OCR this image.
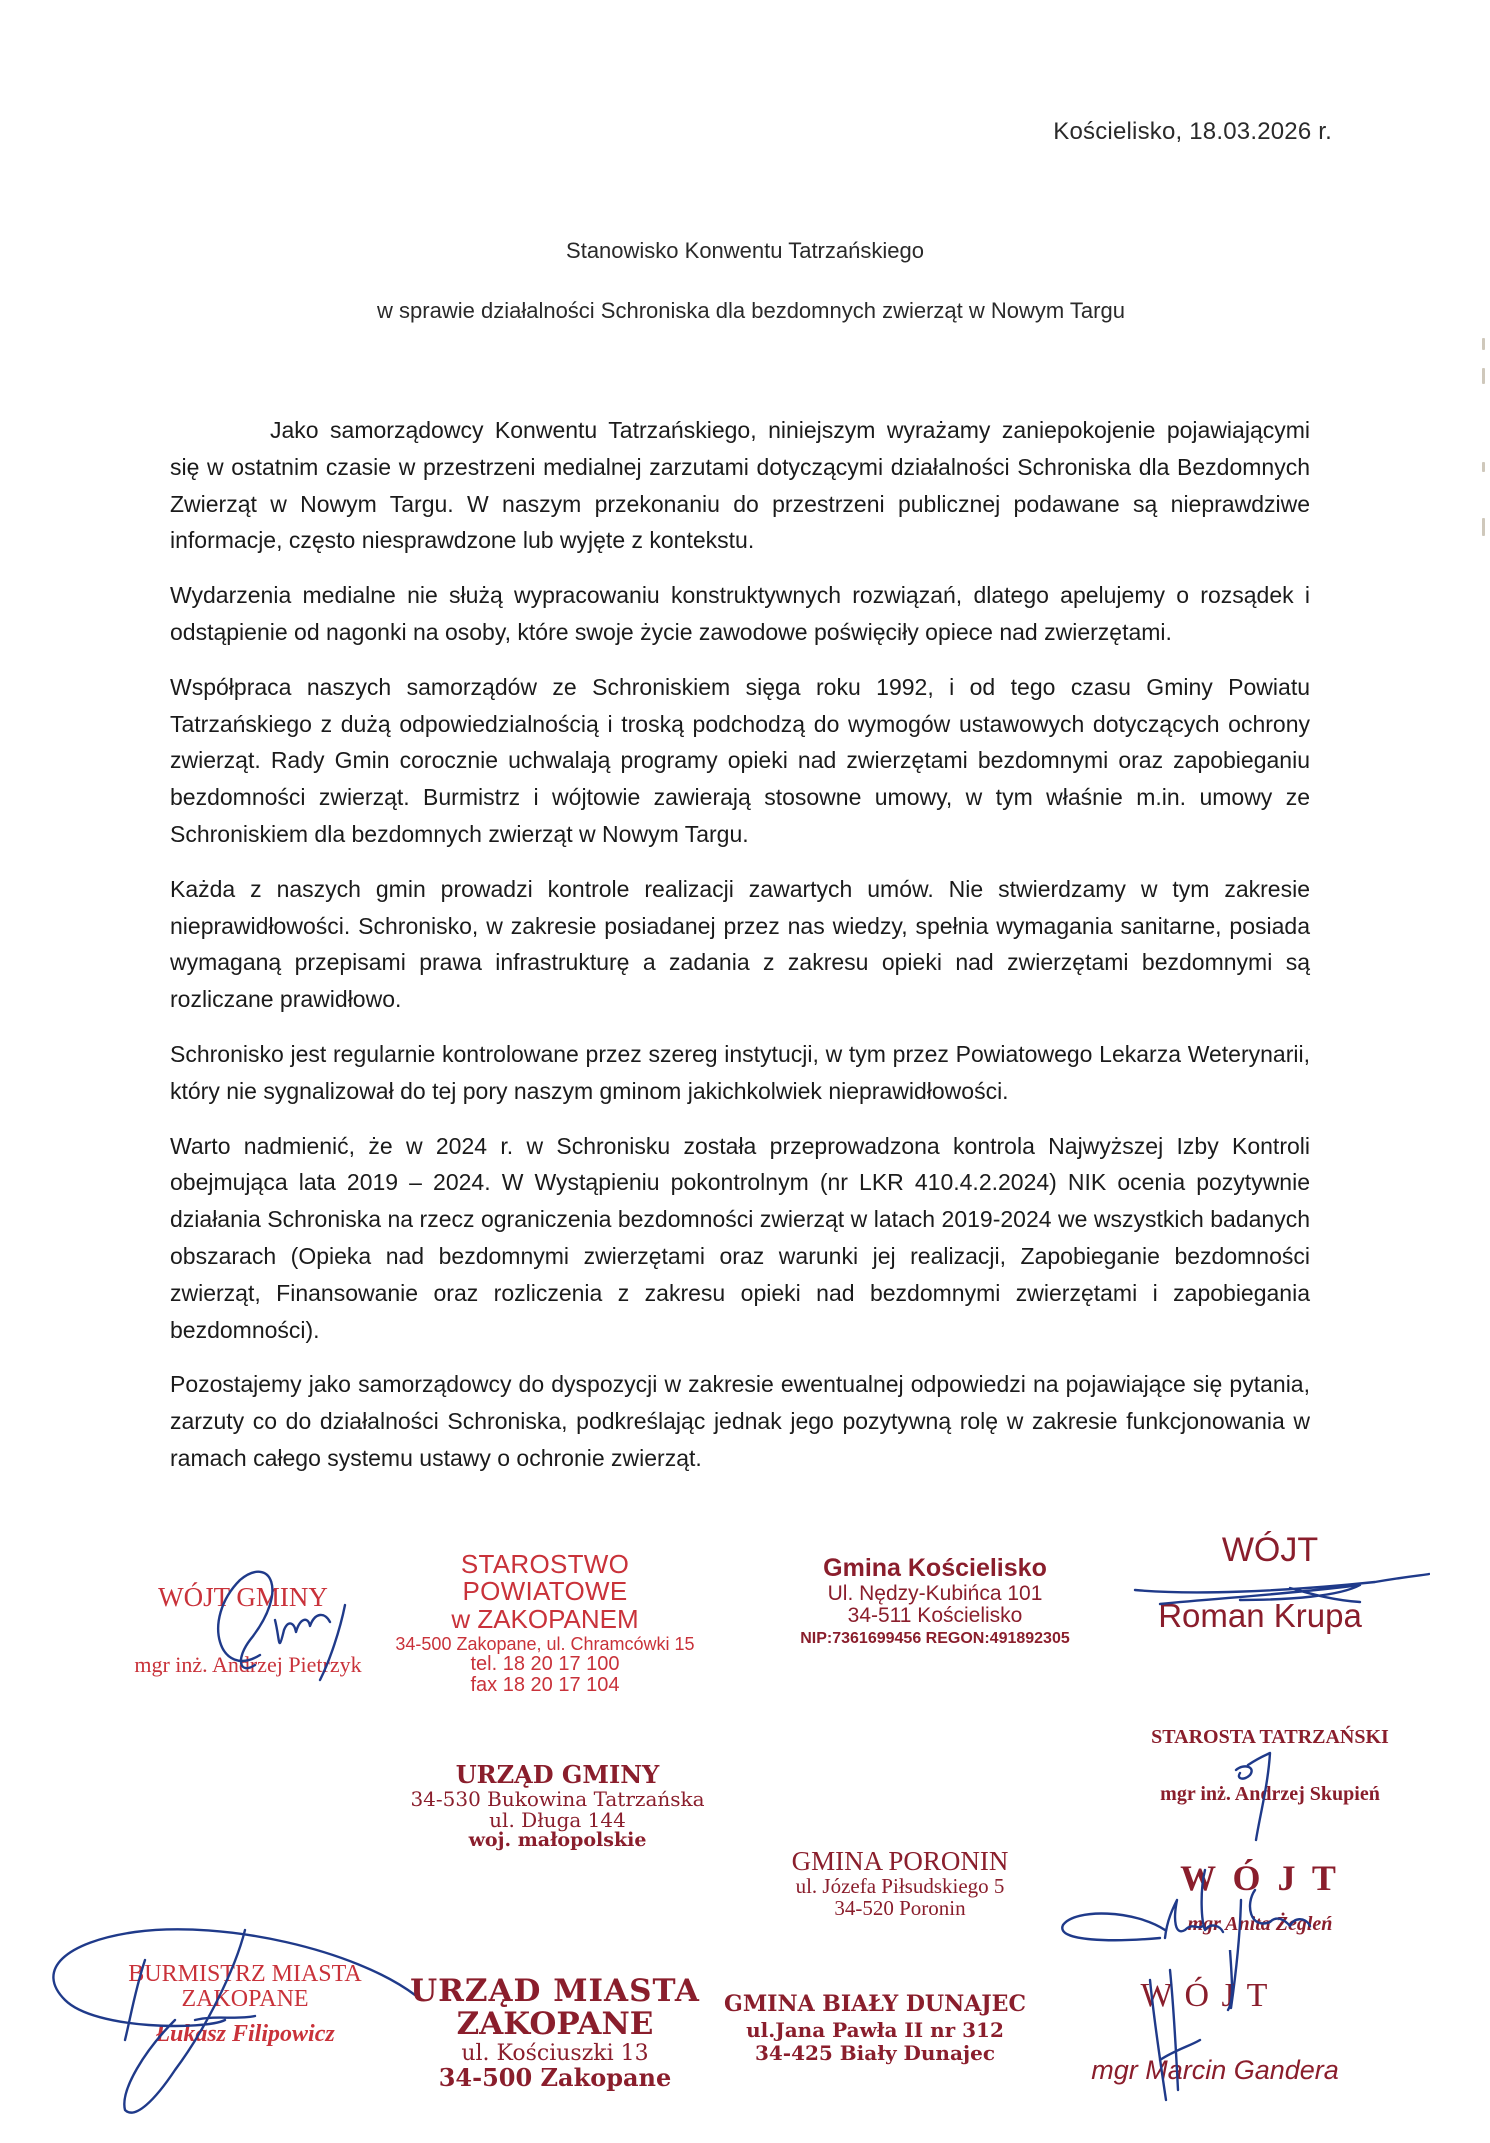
Kościelisko, 18.03.2026 r.
Stanowisko Konwentu Tatrzańskiego
w sprawie działalności Schroniska dla bezdomnych zwierząt w Nowym Targu

Jako samorządowcy Konwentu Tatrzańskiego, niniejszym wyrażamy zaniepokojenie pojawiającymi się w ostatnim czasie w przestrzeni medialnej zarzutami dotyczącymi działalności Schroniska dla Bezdomnych Zwierząt w Nowym Targu. W naszym przekonaniu do przestrzeni publicznej podawane są nieprawdziwe informacje, często niesprawdzone lub wyjęte z kontekstu.

Wydarzenia medialne nie służą wypracowaniu konstruktywnych rozwiązań, dlatego apelujemy o rozsądek i odstąpienie od nagonki na osoby, które swoje życie zawodowe poświęciły opiece nad zwierzętami.

Współpraca naszych samorządów ze Schroniskiem sięga roku 1992, i od tego czasu Gminy Powiatu Tatrzańskiego z dużą odpowiedzialnością i troską podchodzą do wymogów ustawowych dotyczących ochrony zwierząt. Rady Gmin corocznie uchwalają programy opieki nad zwierzętami bezdomnymi oraz zapobieganiu bezdomności zwierząt. Burmistrz i wójtowie zawierają stosowne umowy, w tym właśnie m.in. umowy ze Schroniskiem dla bezdomnych zwierząt w Nowym Targu.

Każda z naszych gmin prowadzi kontrole realizacji zawartych umów. Nie stwierdzamy w tym zakresie nieprawidłowości. Schronisko, w zakresie posiadanej przez nas wiedzy, spełnia wymagania sanitarne, posiada wymaganą przepisami prawa infrastrukturę a zadania z zakresu opieki nad zwierzętami bezdomnymi są rozliczane prawidłowo.

Schronisko jest regularnie kontrolowane przez szereg instytucji, w tym przez Powiatowego Lekarza Weterynarii, który nie sygnalizował do tej pory naszym gminom jakichkolwiek nieprawidłowości.

Warto nadmienić, że w 2024 r. w Schronisku została przeprowadzona kontrola Najwyższej Izby Kontroli obejmująca lata 2019 – 2024. W Wystąpieniu pokontrolnym (nr LKR 410.4.2.2024) NIK ocenia pozytywnie działania Schroniska na rzecz ograniczenia bezdomności zwierząt w latach 2019-2024 we wszystkich badanych obszarach (Opieka nad bezdomnymi zwierzętami oraz warunki jej realizacji, Zapobieganie bezdomności zwierząt, Finansowanie oraz rozliczenia z zakresu opieki nad bezdomnymi zwierzętami i zapobiegania bezdomności).

Pozostajemy jako samorządowcy do dyspozycji w zakresie ewentualnej odpowiedzi na pojawiające się pytania, zarzuty co do działalności Schroniska, podkreślając jednak jego pozytywną rolę w zakresie funkcjonowania w ramach całego systemu ustawy o ochronie zwierząt.

WÓJT GMINY
mgr inż. Andrzej Pietrzyk
STAROSTWO POWIATOWE
w ZAKOPANEM
34-500 Zakopane, ul. Chramcówki 15
tel. 18 20 17 100
fax 18 20 17 104
Gmina Kościelisko
Ul. Nędzy-Kubińca 101
34-511 Kościelisko
NIP:7361699456 REGON:491892305
WÓJT
Roman Krupa
STAROSTA TATRZAŃSKI
mgr inż. Andrzej Skupień
URZĄD GMINY
34-530 Bukowina Tatrzańska
ul. Długa 144
woj. małopolskie
GMINA PORONIN
ul. Józefa Piłsudskiego 5
34-520 Poronin
W Ó J T
mgr Anita Żegleń
BURMISTRZ MIASTA
ZAKOPANE
Łukasz Filipowicz
URZĄD MIASTA
ZAKOPANE
ul. Kościuszki 13
34-500 Zakopane
GMINA BIAŁY DUNAJEC
ul.Jana Pawła II nr 312
34-425 Biały Dunajec
W Ó J T
mgr Marcin Gandera
